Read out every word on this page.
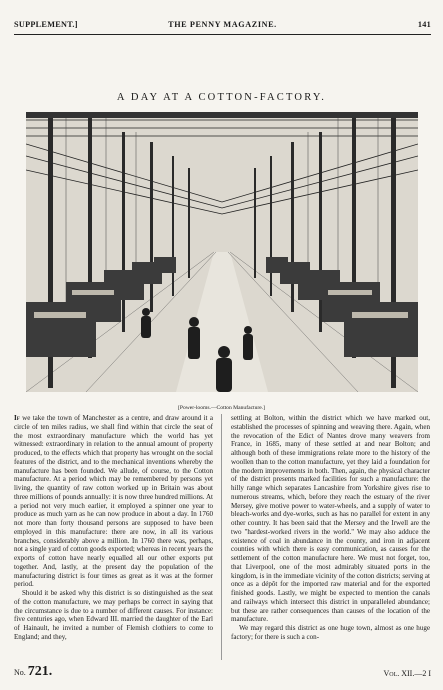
SUPPLEMENT.]	THE PENNY MAGAZINE.	141
A DAY AT A COTTON-FACTORY.
[Power-looms.—Cotton Manufacture.]

If we take the town of Manchester as a centre, and draw around it a circle of ten miles radius, we shall find within that circle the seat of the most extraordinary manufacture which the world has yet witnessed: extraordinary in relation to the annual amount of property produced, to the effects which that property has wrought on the social features of the district, and to the mechanical inventions whereby the manufacture has been founded. We allude, of course, to the Cotton manufacture. At a period which may be remembered by persons yet living, the quantity of raw cotton worked up in Britain was about three millions of pounds annually: it is now three hundred millions. At a period not very much earlier, it employed a spinner one year to produce as much yarn as he can now produce in about a day. In 1760 not more than forty thousand persons are supposed to have been employed in this manufacture: there are now, in all its various branches, considerably above a million. In 1760 there was, perhaps, not a single yard of cotton goods exported; whereas in recent years the exports of cotton have nearly equalled all our other exports put together. And, lastly, at the present day the population of the manufacturing district is four times as great as it was at the former period.

Should it be asked why this district is so distinguished as the seat of the cotton manufacture, we may perhaps be correct in saying that the circumstance is due to a number of different causes. For instance: five centuries ago, when Edward III. married the daughter of the Earl of Hainault, he invited a number of Flemish clothiers to come to England; and they,

settling at Bolton, within the district which we have marked out, established the processes of spinning and weaving there. Again, when the revocation of the Edict of Nantes drove many weavers from France, in 1685, many of these settled at and near Bolton; and although both of these immigrations relate more to the history of the woollen than to the cotton manufacture, yet they laid a foundation for the modern improvements in both. Then, again, the physical character of the district presents marked facilities for such a manufacture: the hilly range which separates Lancashire from Yorkshire gives rise to numerous streams, which, before they reach the estuary of the river Mersey, give motive power to water-wheels, and a supply of water to bleach-works and dye-works, such as has no parallel for extent in any other country. It has been said that the Mersey and the Irwell are the two "hardest-worked rivers in the world." We may also adduce the existence of coal in abundance in the county, and iron in adjacent counties with which there is easy communication, as causes for the settlement of the cotton manufacture here. We must not forget, too, that Liverpool, one of the most admirably situated ports in the kingdom, is in the immediate vicinity of the cotton districts; serving at once as a dépôt for the imported raw material and for the exported finished goods. Lastly, we might be expected to mention the canals and railways which intersect this district in unparalleled abundance; but these are rather consequences than causes of the location of the manufacture.

We may regard this district as one huge town, almost as one huge factory; for there is such a con-

No. 721.	Vol. XII.—2 I
